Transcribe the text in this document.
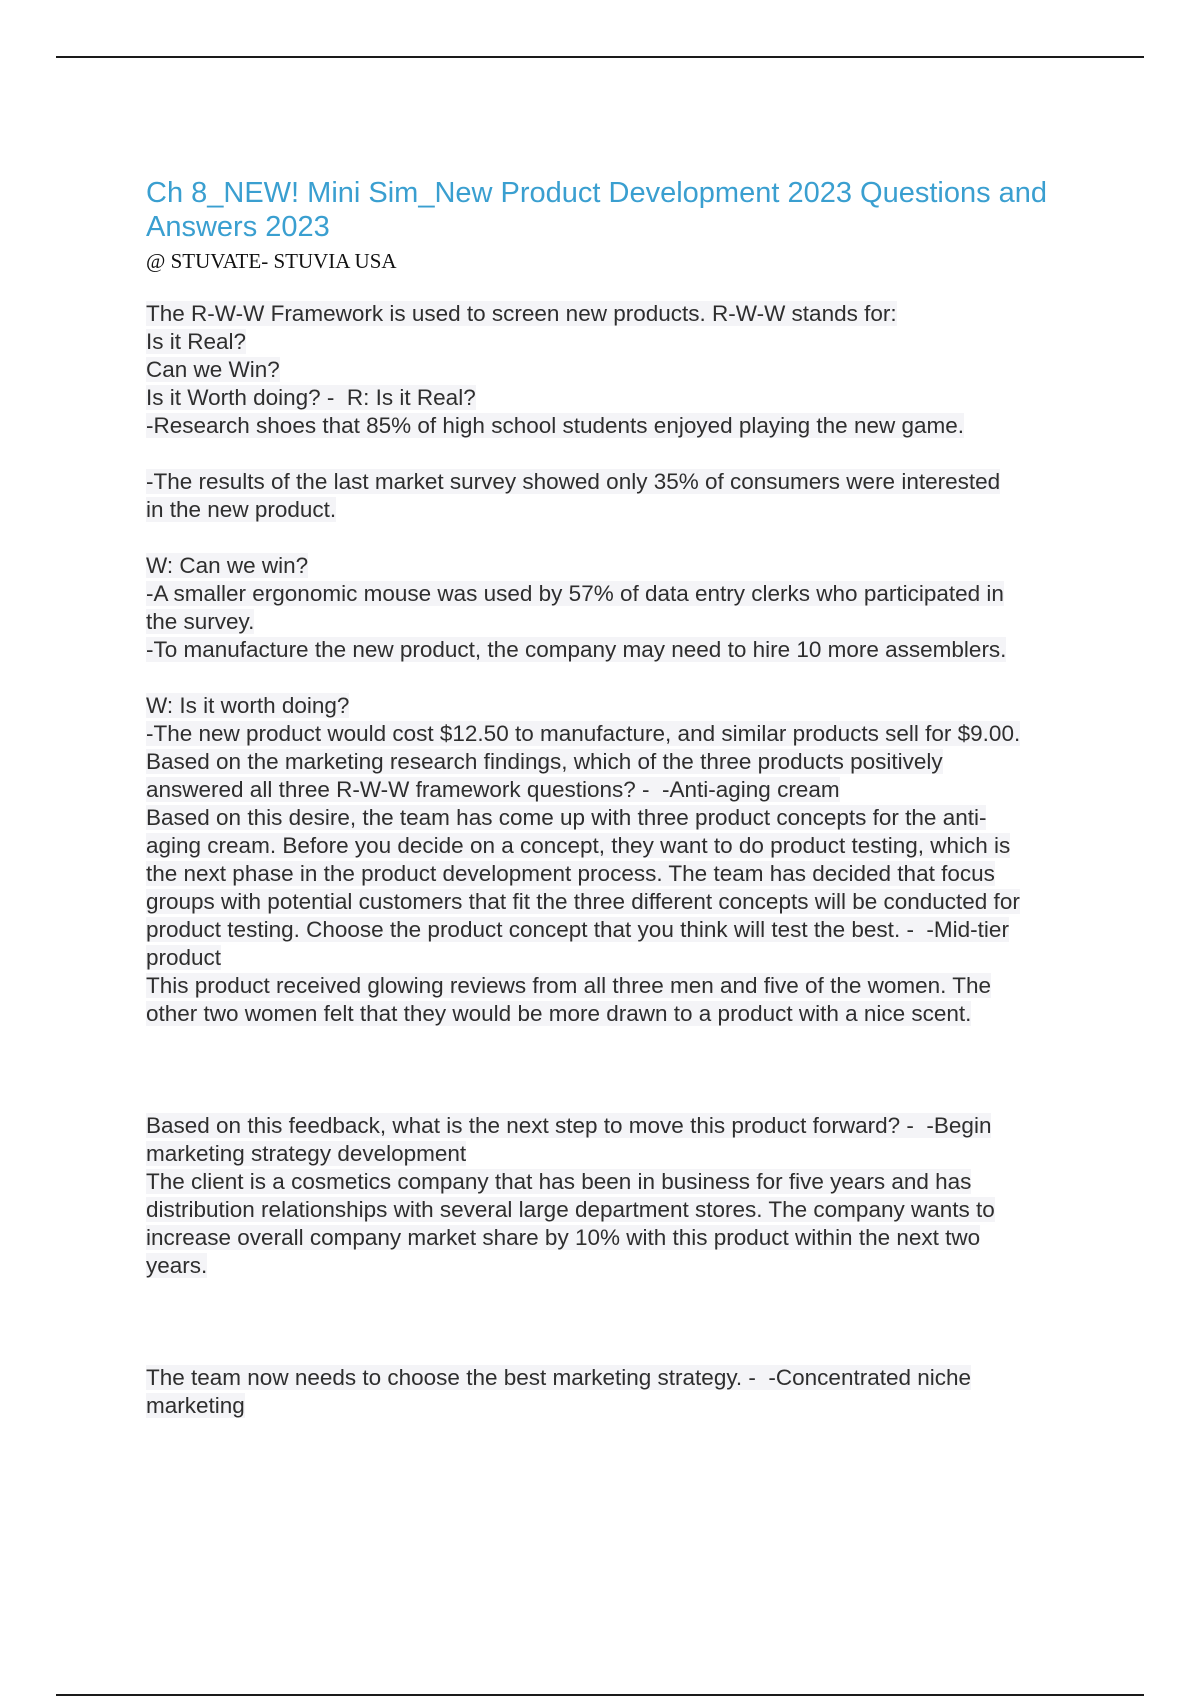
Ch 8_NEW! Mini Sim_New Product Development 2023 Questions and Answers 2023
@ STUVATE- STUVIA USA
The R-W-W Framework is used to screen new products. R-W-W stands for:
Is it Real?
Can we Win?
Is it Worth doing? -  R: Is it Real?
-Research shoes that 85% of high school students enjoyed playing the new game.
-The results of the last market survey showed only 35% of consumers were interested
in the new product.
W: Can we win?
-A smaller ergonomic mouse was used by 57% of data entry clerks who participated in
the survey.
-To manufacture the new product, the company may need to hire 10 more assemblers.
W: Is it worth doing?
-The new product would cost $12.50 to manufacture, and similar products sell for $9.00.
Based on the marketing research findings, which of the three products positively
answered all three R-W-W framework questions? -  -Anti-aging cream
Based on this desire, the team has come up with three product concepts for the anti-
aging cream. Before you decide on a concept, they want to do product testing, which is
the next phase in the product development process. The team has decided that focus
groups with potential customers that fit the three different concepts will be conducted for
product testing. Choose the product concept that you think will test the best. -  -Mid-tier
product
This product received glowing reviews from all three men and five of the women. The
other two women felt that they would be more drawn to a product with a nice scent.
Based on this feedback, what is the next step to move this product forward? -  -Begin
marketing strategy development
The client is a cosmetics company that has been in business for five years and has
distribution relationships with several large department stores. The company wants to
increase overall company market share by 10% with this product within the next two
years.
The team now needs to choose the best marketing strategy. -  -Concentrated niche
marketing
